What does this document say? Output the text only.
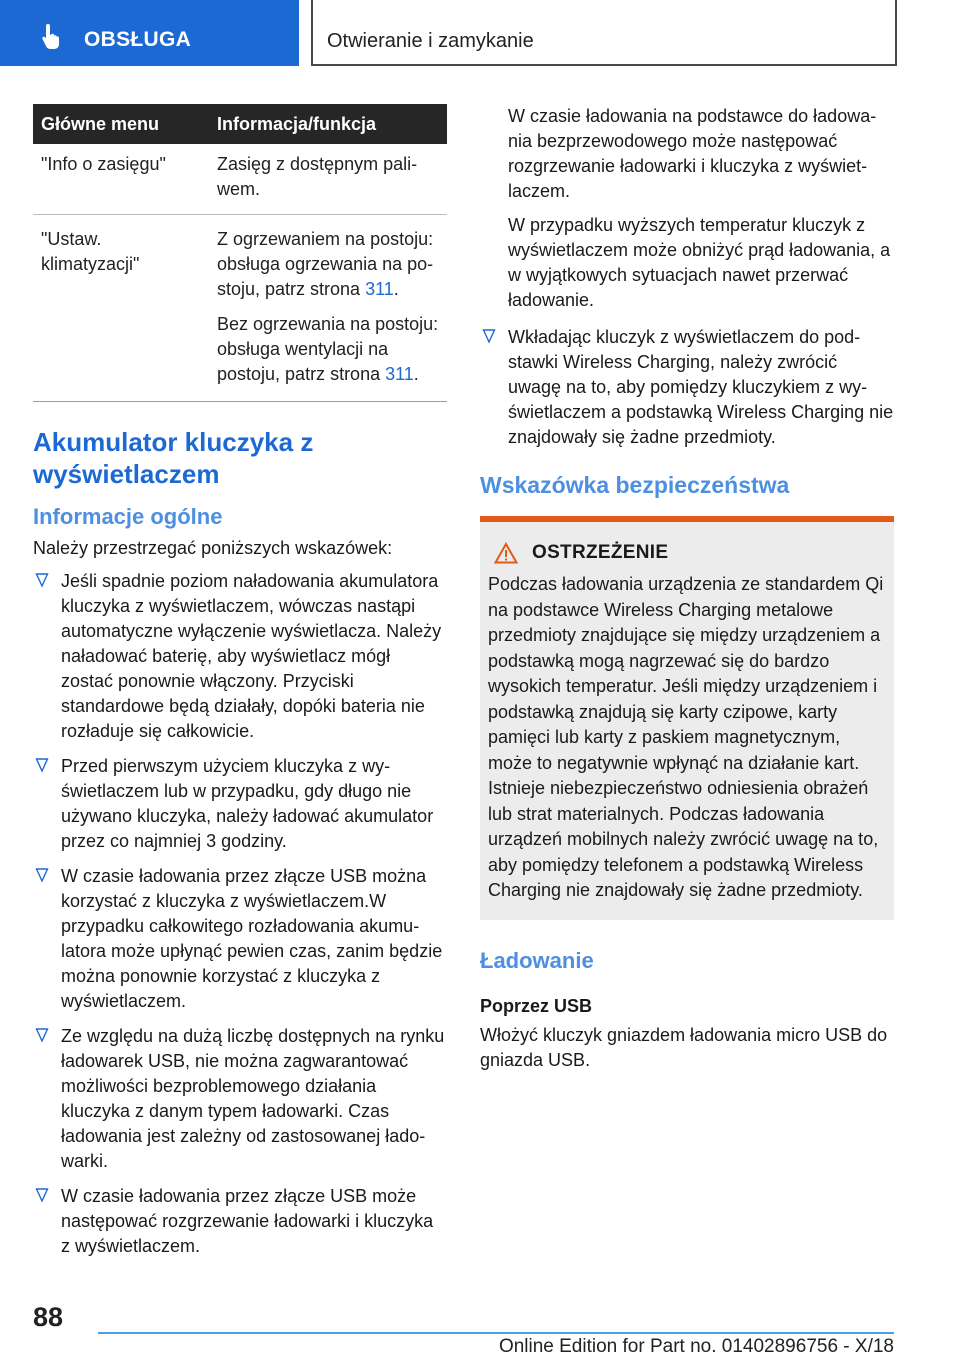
OBSŁUGA	Otwieranie i zamykanie
Główne menu	Informacja/funkcja
"Info o zasięgu"	Zasięg z dostępnym paliwem.

"Ustaw. klimatyzacji"	Z ogrzewaniem na postoju: obsługa ogrzewania na postoju, patrz strona 311.

Bez ogrzewania na postoju: obsługa wentylacji na postoju, patrz strona 311.

Akumulator kluczyka z wyświetlaczem
Informacje ogólne

Należy przestrzegać poniższych wskazówek:

Jeśli spadnie poziom naładowania akumulatora kluczyka z wyświetlaczem, wówczas nastąpi automatyczne wyłączenie wyświetlacza. Należy naładować baterię, aby wyświetlacz mógł zostać ponownie włączony. Przyciski standardowe będą działały, dopóki bateria nie rozładuje się całkowicie.
Przed pierwszym użyciem kluczyka z wyświetlaczem lub w przypadku, gdy długo nie używano kluczyka, należy ładować akumulator przez co najmniej 3 godziny.
W czasie ładowania przez złącze USB można korzystać z kluczyka z wyświetlaczem.W przypadku całkowitego rozładowania akumulatora może upłynąć pewien czas, zanim będzie można ponownie korzystać z kluczyka z wyświetlaczem.
Ze względu na dużą liczbę dostępnych na rynku ładowarek USB, nie można zagwarantować możliwości bezproblemowego działania kluczyka z danym typem ładowarki. Czas ładowania jest zależny od zastosowanej ładowarki.
W czasie ładowania przez złącze USB może następować rozgrzewanie ładowarki i kluczyka z wyświetlaczem.

W czasie ładowania na podstawce do ładowania bezprzewodowego może następować rozgrzewanie ładowarki i kluczyka z wyświetlaczem.

W przypadku wyższych temperatur kluczyk z wyświetlaczem może obniżyć prąd ładowania, a w wyjątkowych sytuacjach nawet przerwać ładowanie.

Wkładając kluczyk z wyświetlaczem do podstawki Wireless Charging, należy zwrócić uwagę na to, aby pomiędzy kluczykiem z wyświetlaczem a podstawką Wireless Charging nie znajdowały się żadne przedmioty.
Wskazówka bezpieczeństwa
OSTRZEŻENIE

Podczas ładowania urządzenia ze standardem Qi na podstawce Wireless Charging metalowe przedmioty znajdujące się między urządzeniem a podstawką mogą nagrzewać się do bardzo wysokich temperatur. Jeśli między urządzeniem i podstawką znajdują się karty czipowe, karty pamięci lub karty z paskiem magnetycznym, może to negatywnie wpłynąć na działanie kart. Istnieje niebezpieczeństwo odniesienia obrażeń lub strat materialnych. Podczas ładowania urządzeń mobilnych należy zwrócić uwagę na to, aby pomiędzy telefonem a podstawką Wireless Charging nie znajdowały się żadne przedmioty.

Ładowanie

Poprzez USB

Włożyć kluczyk gniazdem ładowania micro USB do gniazda USB.

88
Online Edition for Part no. 01402896756 - X/18
